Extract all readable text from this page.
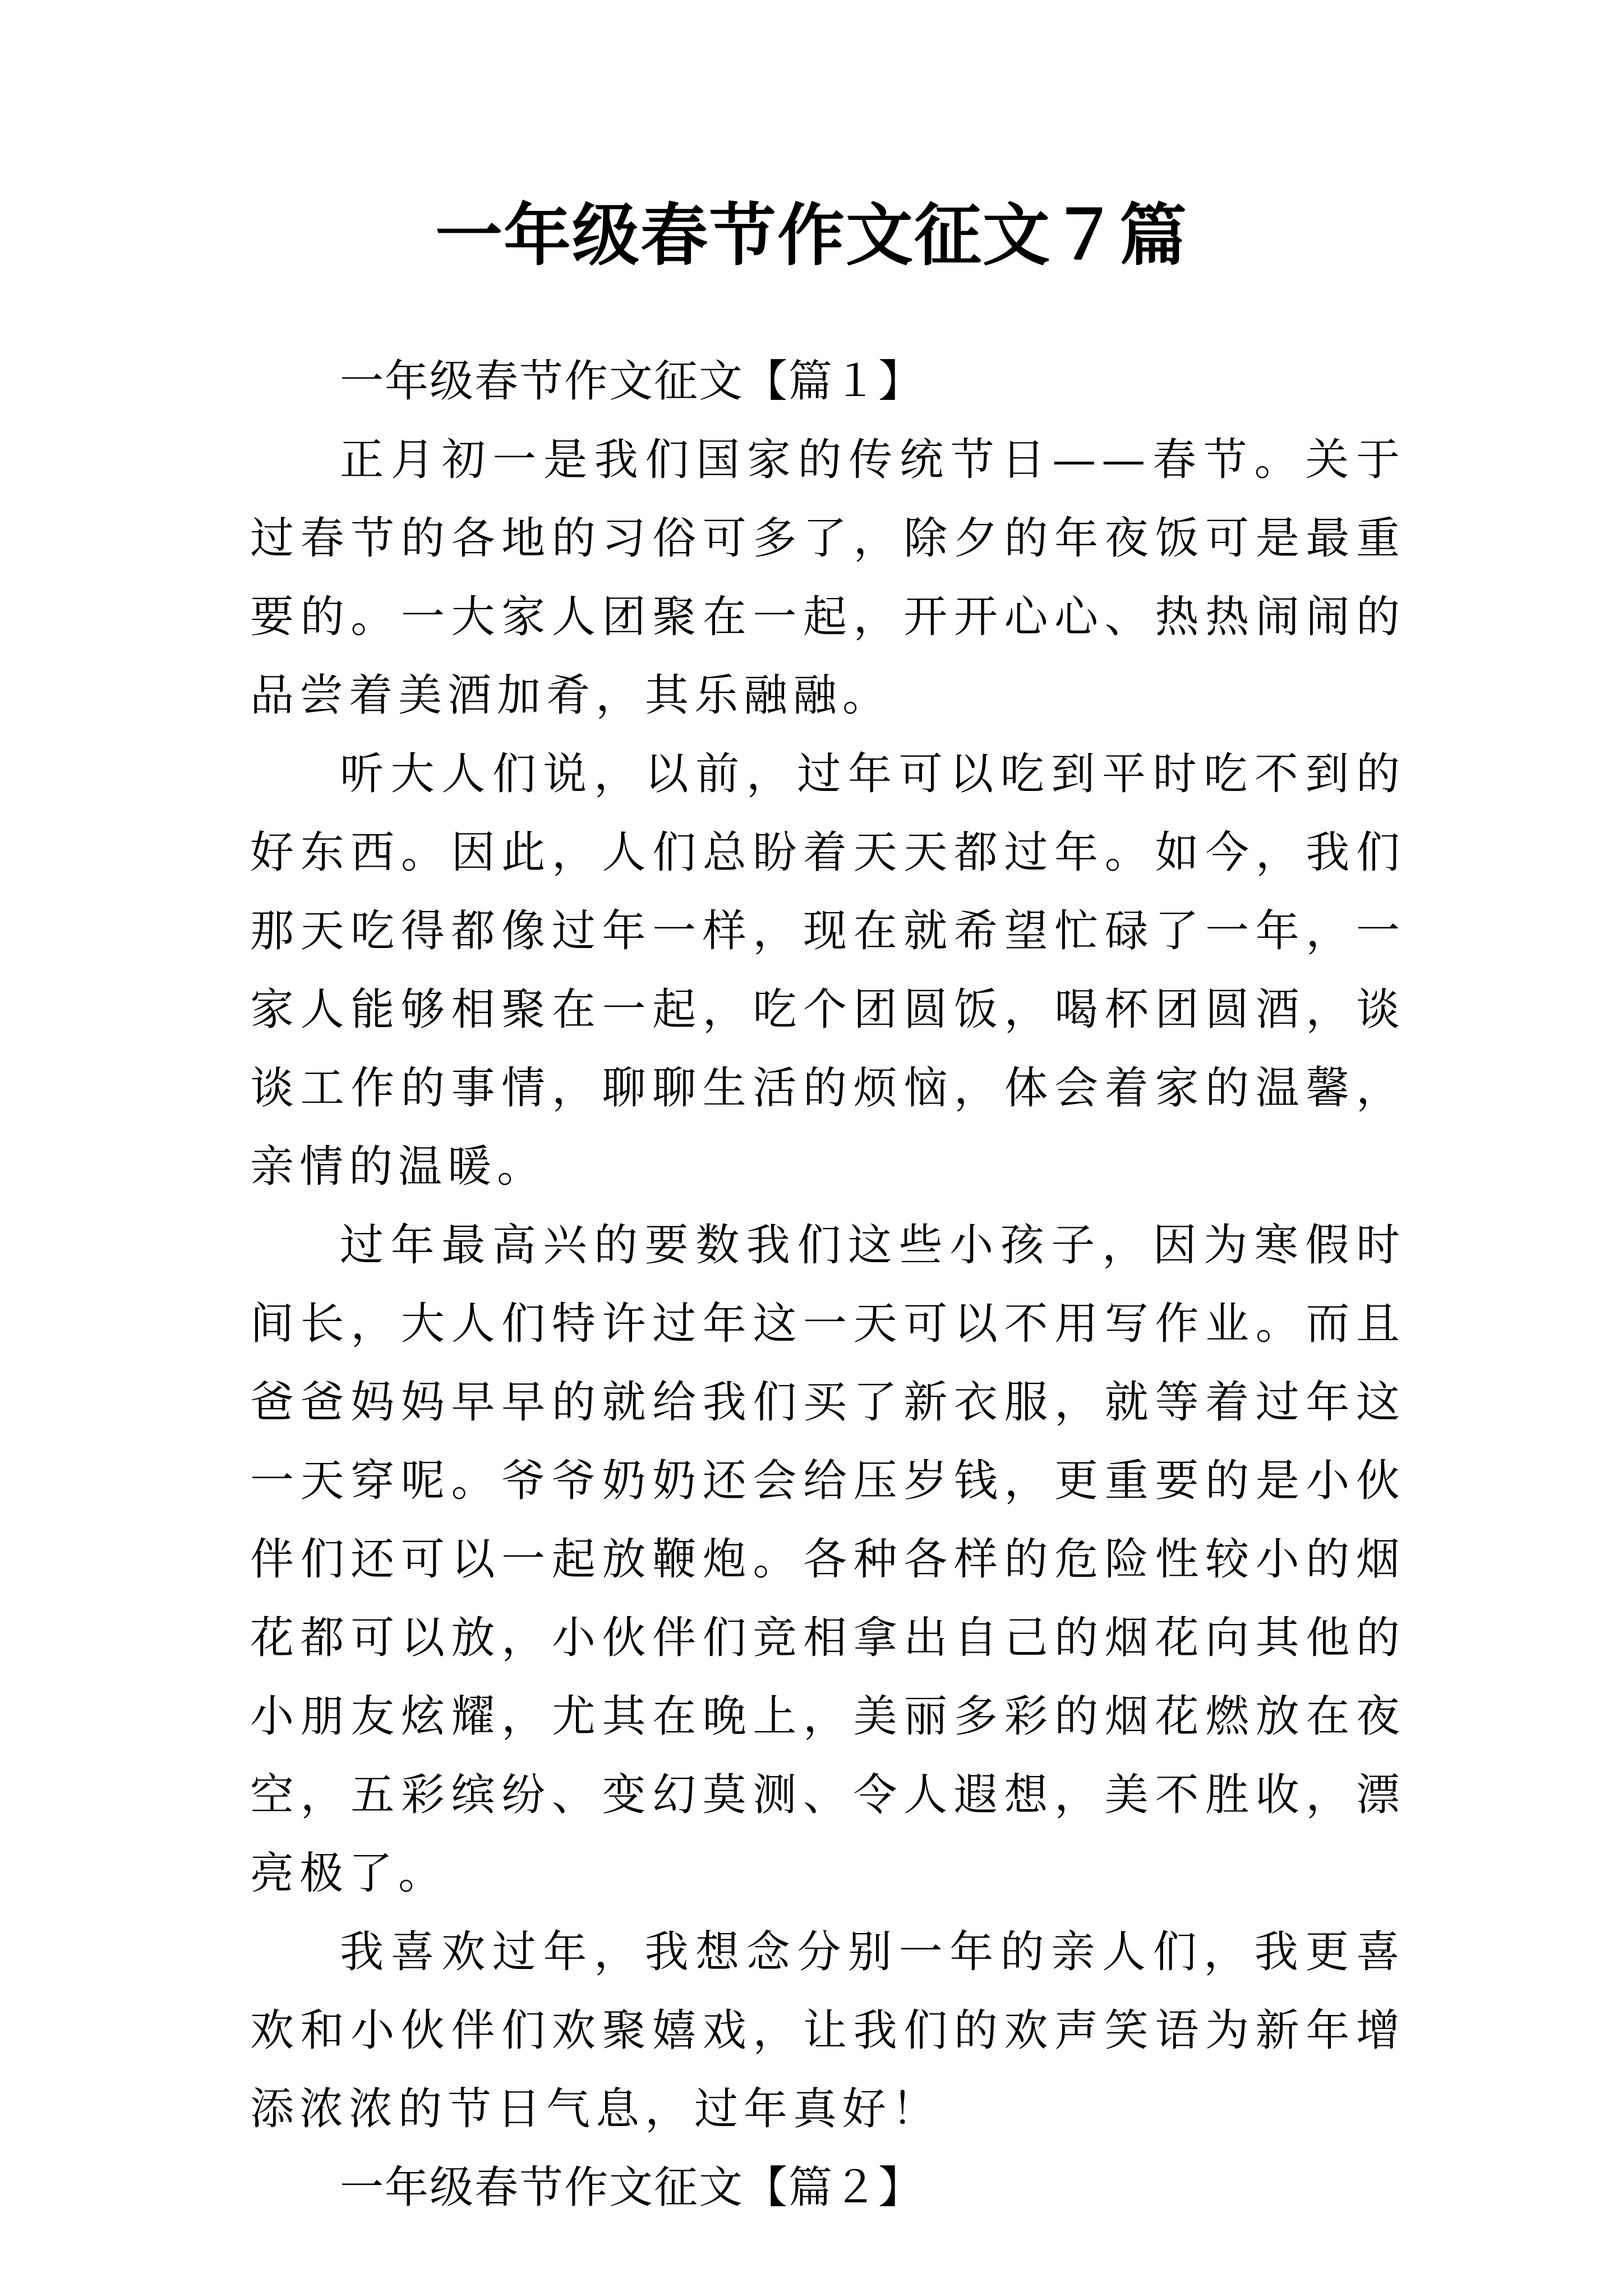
一年级春节作文征文７篇

一年级春节作文征文【篇１】

正月初一是我们国家的传统节日——春节。关于过春节的各地的习俗可多了，除夕的年夜饭可是最重要的。一大家人团聚在一起，开开心心、热热闹闹的品尝着美酒加肴，其乐融融。

听大人们说，以前，过年可以吃到平时吃不到的好东西。因此，人们总盼着天天都过年。如今，我们那天吃得都像过年一样，现在就希望忙碌了一年，一家人能够相聚在一起，吃个团圆饭，喝杯团圆酒，谈谈工作的事情，聊聊生活的烦恼，体会着家的温馨，亲情的温暖。

过年最高兴的要数我们这些小孩子，因为寒假时间长，大人们特许过年这一天可以不用写作业。而且爸爸妈妈早早的就给我们买了新衣服，就等着过年这一天穿呢。爷爷奶奶还会给压岁钱，更重要的是小伙伴们还可以一起放鞭炮。各种各样的危险性较小的烟花都可以放，小伙伴们竞相拿出自己的烟花向其他的小朋友炫耀，尤其在晚上，美丽多彩的烟花燃放在夜空，五彩缤纷、变幻莫测、令人遐想，美不胜收，漂亮极了。

我喜欢过年，我想念分别一年的亲人们，我更喜欢和小伙伴们欢聚嬉戏，让我们的欢声笑语为新年增添浓浓的节日气息，过年真好！

一年级春节作文征文【篇２】
